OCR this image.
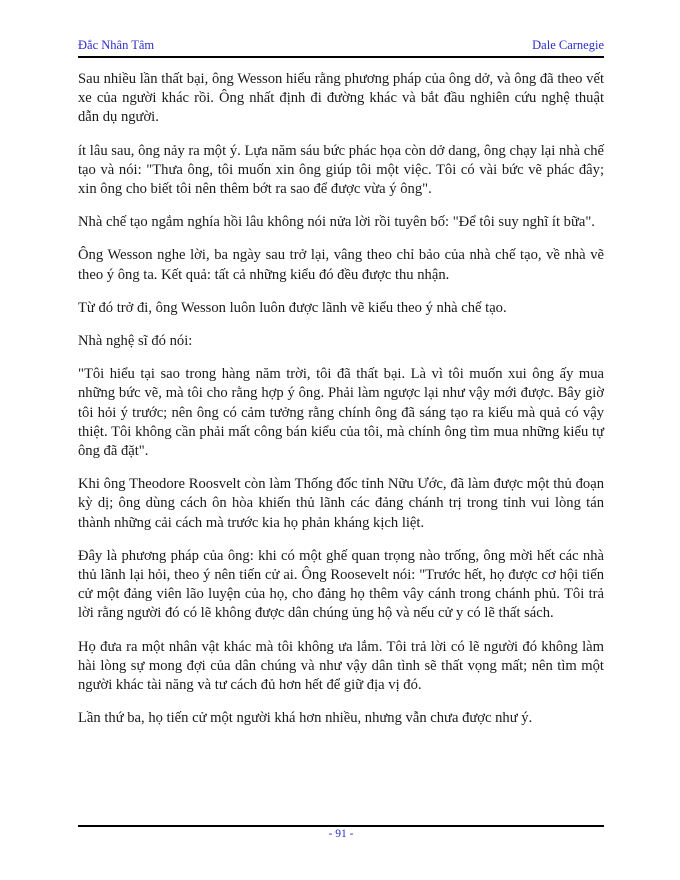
Đắc Nhân Tâm	Dale Carnegie

Sau nhiều lần thất bại, ông Wesson hiểu rằng phương pháp của ông dở, và ông đã theo vết xe của người khác rồi. Ông nhất định đi đường khác và bắt đầu nghiên cứu nghệ thuật dẫn dụ người.

ít lâu sau, ông nảy ra một ý. Lựa năm sáu bức phác họa còn dở dang, ông chạy lại nhà chế tạo và nói: "Thưa ông, tôi muốn xin ông giúp tôi một việc. Tôi có vài bức vẽ phác đây; xin ông cho biết tôi nên thêm bớt ra sao để được vừa ý ông".

Nhà chế tạo ngắm nghía hồi lâu không nói nửa lời rồi tuyên bố: "Để tôi suy nghĩ ít bữa".

Ông Wesson nghe lời, ba ngày sau trở lại, vâng theo chỉ bảo của nhà chế tạo, về nhà vẽ theo ý ông ta. Kết quả: tất cả những kiểu đó đều được thu nhận.

Từ đó trở đi, ông Wesson luôn luôn được lãnh vẽ kiểu theo ý nhà chế tạo.

Nhà nghệ sĩ đó nói:

"Tôi hiểu tại sao trong hàng năm trời, tôi đã thất bại. Là vì tôi muốn xui ông ấy mua những bức vẽ, mà tôi cho rằng hợp ý ông. Phải làm ngược lại như vậy mới được. Bây giờ tôi hỏi ý trước; nên ông có cảm tưởng rằng chính ông đã sáng tạo ra kiểu mà quả có vậy thiệt. Tôi không cần phải mất công bán kiểu của tôi, mà chính ông tìm mua những kiểu tự ông đã đặt".

Khi ông Theodore Roosvelt còn làm Thống đốc tỉnh Nữu Ước, đã làm được một thủ đoạn kỳ dị; ông dùng cách ôn hòa khiến thủ lãnh các đảng chánh trị trong tỉnh vui lòng tán thành những cải cách mà trước kia họ phản kháng kịch liệt.

Đây là phương pháp của ông: khi có một ghế quan trọng nào trống, ông mời hết các nhà thủ lãnh lại hỏi, theo ý nên tiến cử ai. Ông Roosevelt nói: "Trước hết, họ được cơ hội tiến cử một đảng viên lão luyện của họ, cho đảng họ thêm vây cánh trong chánh phủ. Tôi trả lời rằng người đó có lẽ không được dân chúng ủng hộ và nếu cử y có lẽ thất sách.

Họ đưa ra một nhân vật khác mà tôi không ưa lắm. Tôi trả lời có lẽ người đó không làm hài lòng sự mong đợi của dân chúng và như vậy dân tình sẽ thất vọng mất; nên tìm một người khác tài năng và tư cách đủ hơn hết để giữ địa vị đó.

Lần thứ ba, họ tiến cử một người khá hơn nhiều, nhưng vẫn chưa được như ý.

- 91 -
